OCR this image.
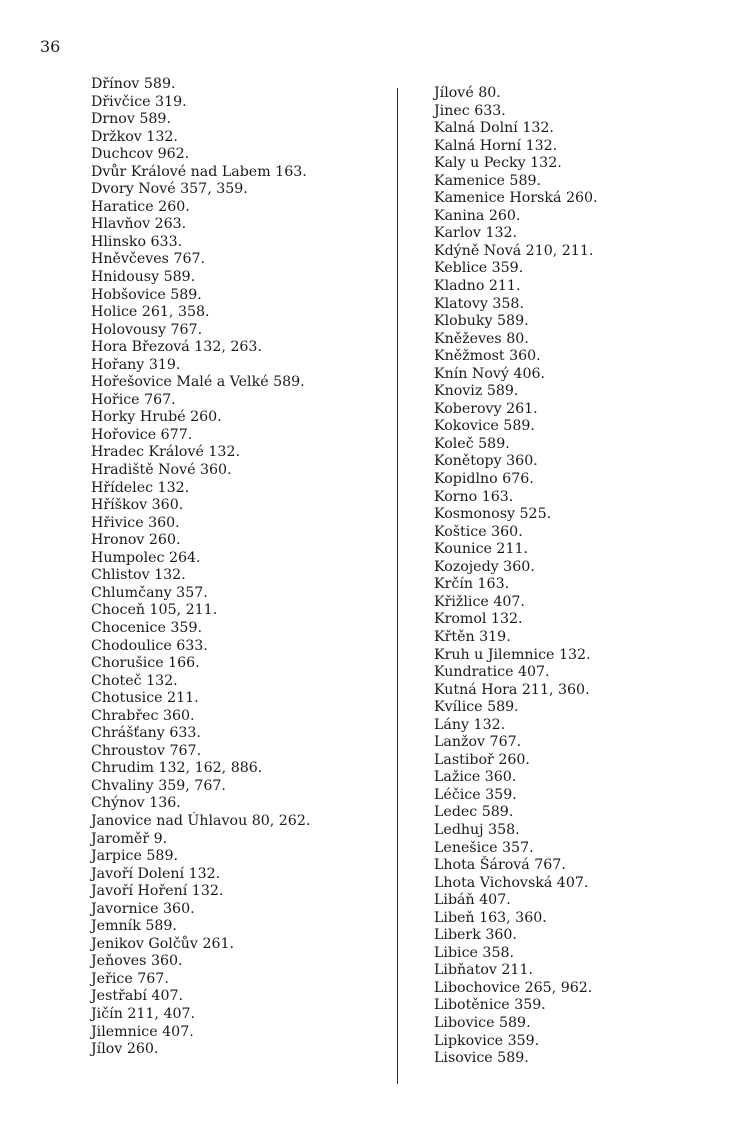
36
Dřínov 589.
Dřivčice 319.
Drnov 589.
Držkov 132.
Duchcov 962.
Dvůr Králové nad Labem 163.
Dvory Nové 357, 359.
Haratice 260.
Hlavňov 263.
Hlinsko 633.
Hněvčeves 767.
Hnidousy 589.
Hobšovice 589.
Holice 261, 358.
Holovousy 767.
Hora Březová 132, 263.
Hořany 319.
Hořešovice Malé a Velké 589.
Hořice 767.
Horky Hrubé 260.
Hořovice 677.
Hradec Králové 132.
Hradiště Nové 360.
Hřídelec 132.
Hříškov 360.
Hřivice 360.
Hronov 260.
Humpolec 264.
Chlistov 132.
Chlumčany 357.
Choceň 105, 211.
Chocenice 359.
Chodoulice 633.
Chorušice 166.
Choteč 132.
Chotusice 211.
Chrabřec 360.
Chrášťany 633.
Chroustov 767.
Chrudim 132, 162, 886.
Chvaliny 359, 767.
Chýnov 136.
Janovice nad Úhlavou 80, 262.
Jaroměř 9.
Jarpice 589.
Javoří Dolení 132.
Javoří Hoření 132.
Javornice 360.
Jemník 589.
Jenikov Golčův 261.
Jeňoves 360.
Jeřice 767.
Jestřabí 407.
Jičín 211, 407.
Jilemnice 407.
Jílov 260.
Jílové 80.
Jinec 633.
Kalná Dolní 132.
Kalná Horní 132.
Kaly u Pecky 132.
Kamenice 589.
Kamenice Horská 260.
Kanina 260.
Karlov 132.
Kdýně Nová 210, 211.
Keblice 359.
Kladno 211.
Klatovy 358.
Klobuky 589.
Kněževes 80.
Kněžmost 360.
Knín Nový 406.
Knoviz 589.
Koberovy 261.
Kokovice 589.
Koleč 589.
Konětopy 360.
Kopidlno 676.
Korno 163.
Kosmonosy 525.
Koštice 360.
Kounice 211.
Kozojedy 360.
Krčín 163.
Křižlice 407.
Kromol 132.
Křtěn 319.
Kruh u Jilemnice 132.
Kundratice 407.
Kutná Hora 211, 360.
Kvílice 589.
Lány 132.
Lanžov 767.
Lastiboř 260.
Lažice 360.
Léčice 359.
Ledec 589.
Ledhuj 358.
Lenešice 357.
Lhota Šárová 767.
Lhota Vichovská 407.
Libáň 407.
Libeň 163, 360.
Liberk 360.
Libice 358.
Libňatov 211.
Libochovice 265, 962.
Libotěnice 359.
Libovice 589.
Lipkovice 359.
Lisovice 589.
